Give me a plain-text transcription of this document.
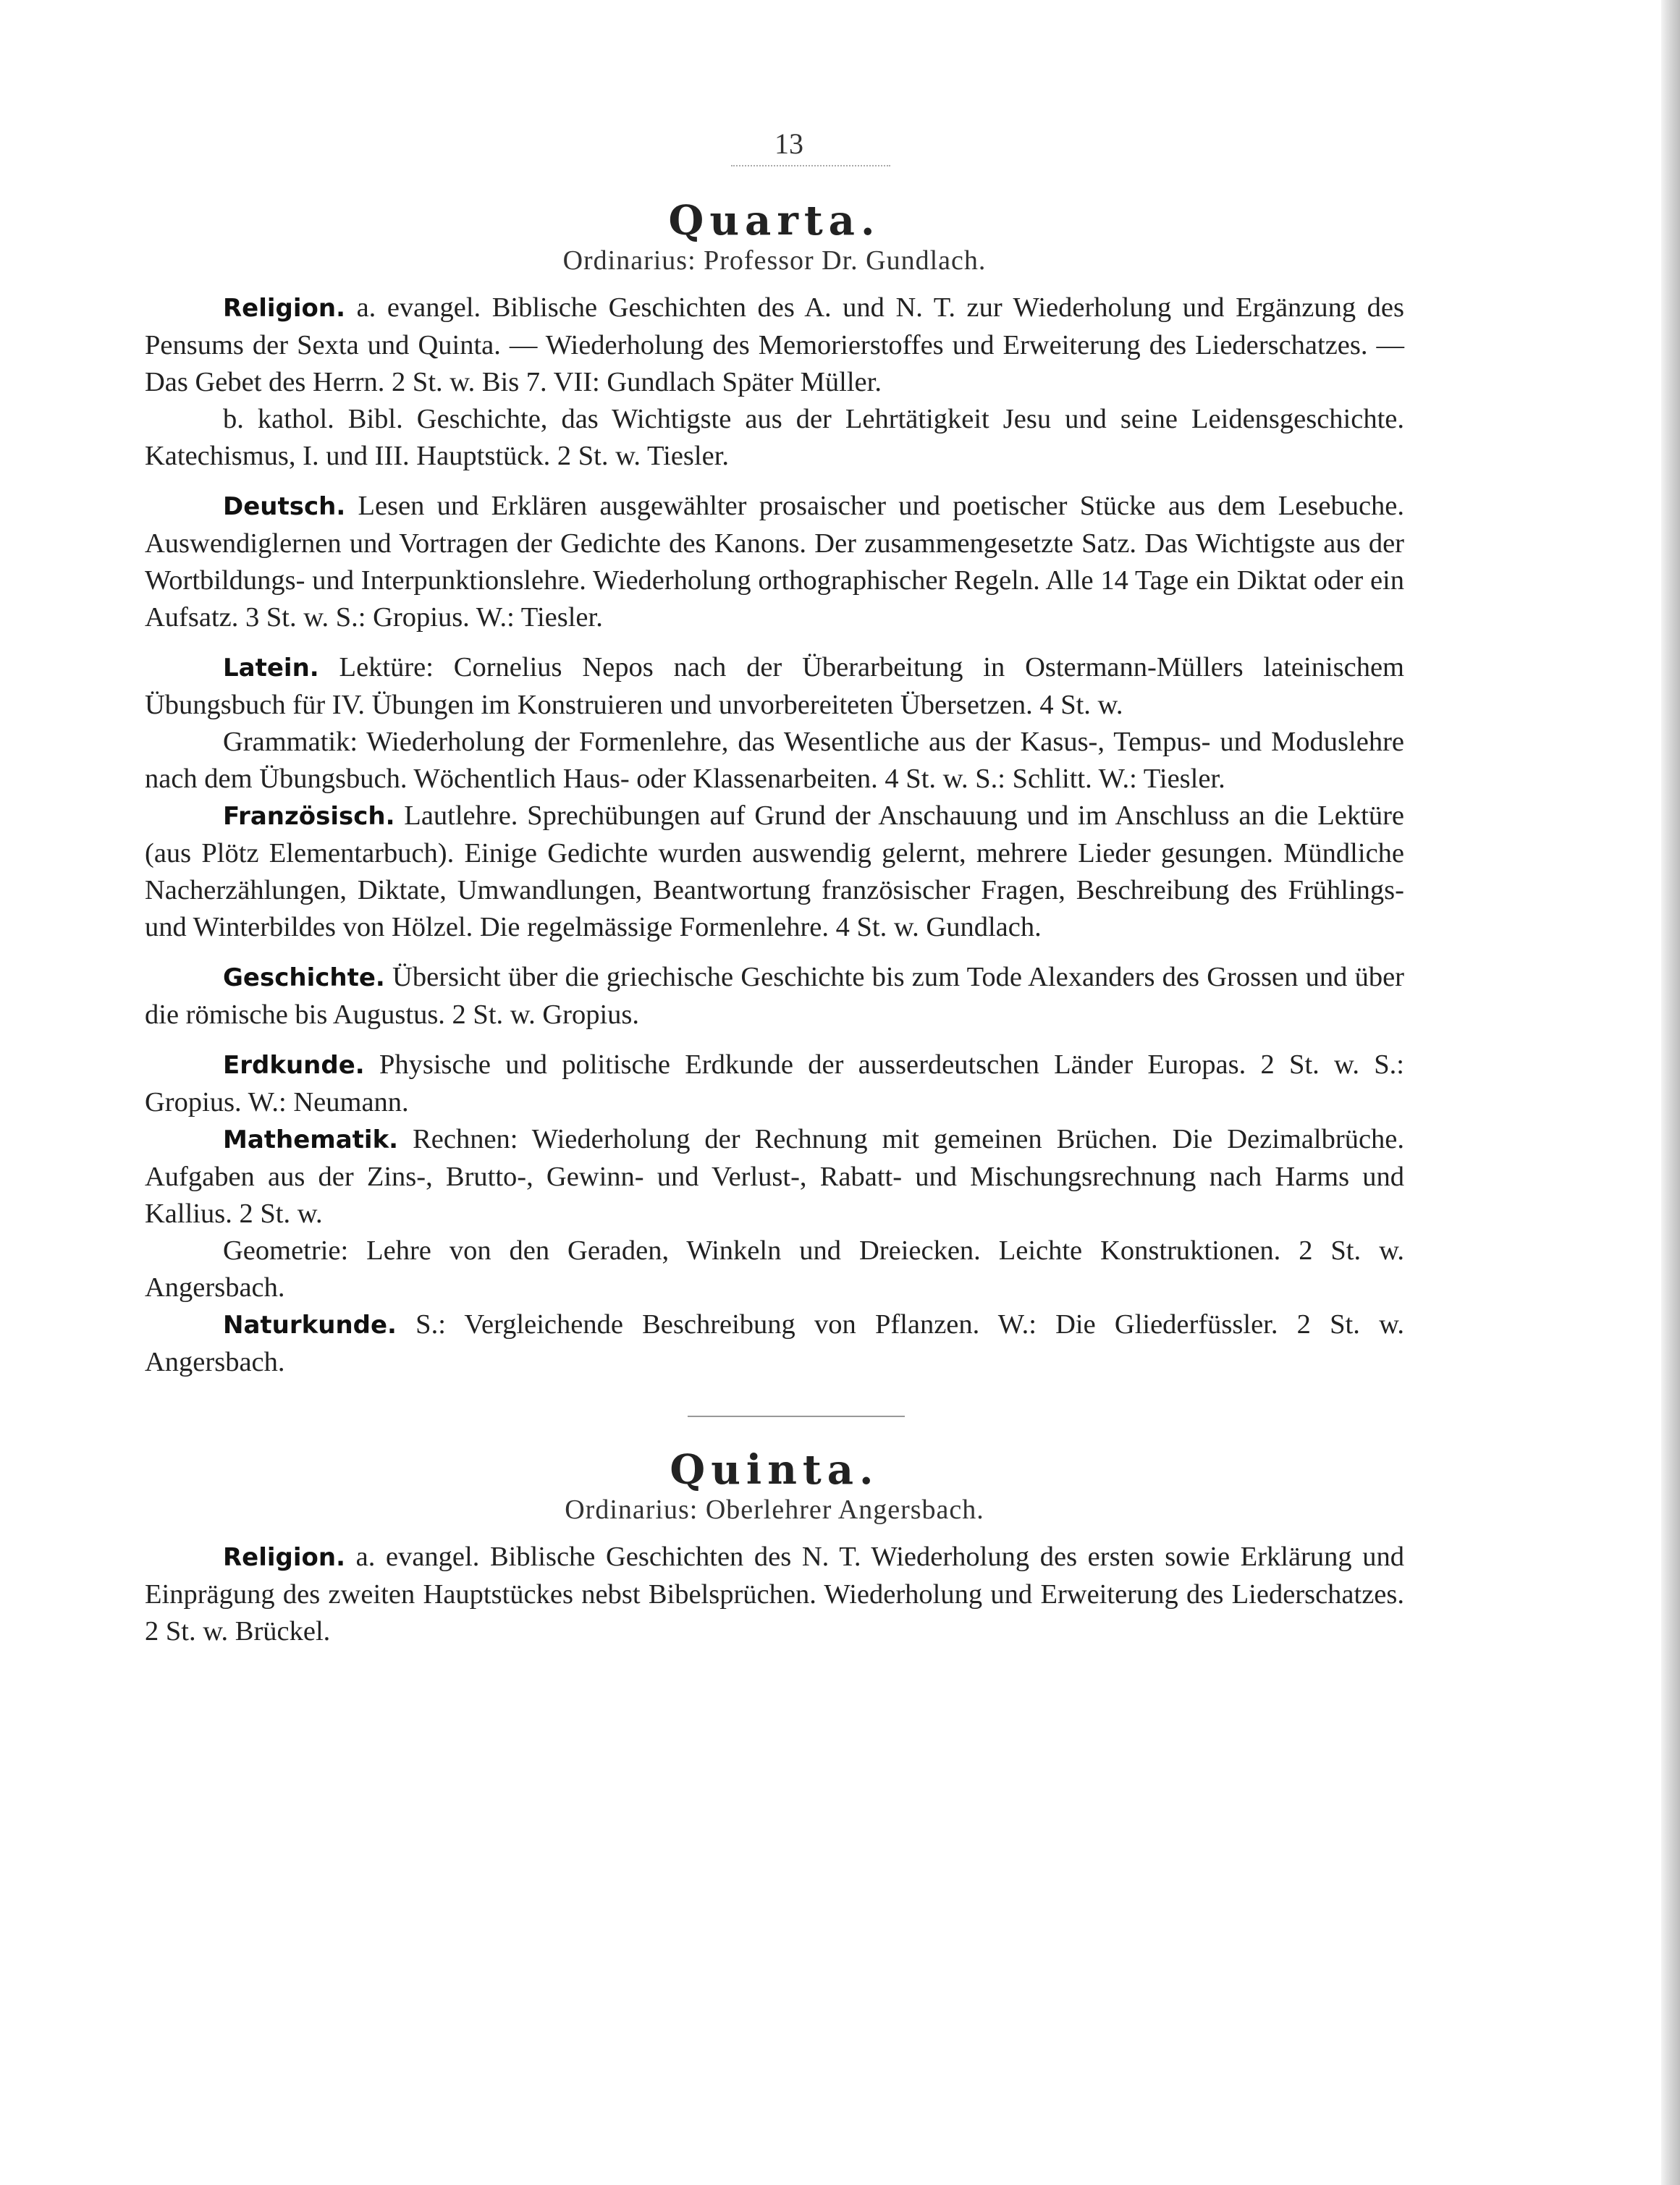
13
Quarta.
Ordinarius: Professor Dr. Gundlach.

Religion. a. evangel. Biblische Geschichten des A. und N. T. zur Wiederholung und Ergänzung des Pensums der Sexta und Quinta. — Wiederholung des Memorierstoffes und Erweiterung des Liederschatzes. — Das Gebet des Herrn. 2 St. w. Bis 7. VII: Gundlach Später Müller.

b. kathol. Bibl. Geschichte, das Wichtigste aus der Lehrtätigkeit Jesu und seine Leidensgeschichte. Katechismus, I. und III. Hauptstück. 2 St. w. Tiesler.

Deutsch. Lesen und Erklären ausgewählter prosaischer und poetischer Stücke aus dem Lesebuche. Auswendiglernen und Vortragen der Gedichte des Kanons. Der zusammengesetzte Satz. Das Wichtigste aus der Wortbildungs- und Interpunktionslehre. Wiederholung orthographischer Regeln. Alle 14 Tage ein Diktat oder ein Aufsatz. 3 St. w. S.: Gropius. W.: Tiesler.

Latein. Lektüre: Cornelius Nepos nach der Überarbeitung in Ostermann-Müllers lateinischem Übungsbuch für IV. Übungen im Konstruieren und unvorbereiteten Übersetzen. 4 St. w.

Grammatik: Wiederholung der Formenlehre, das Wesentliche aus der Kasus-, Tempus- und Moduslehre nach dem Übungsbuch. Wöchentlich Haus- oder Klassenarbeiten. 4 St. w. S.: Schlitt. W.: Tiesler.

Französisch. Lautlehre. Sprechübungen auf Grund der Anschauung und im Anschluss an die Lektüre (aus Plötz Elementarbuch). Einige Gedichte wurden auswendig gelernt, mehrere Lieder gesungen. Mündliche Nacherzählungen, Diktate, Umwandlungen, Beantwortung französischer Fragen, Beschreibung des Frühlings- und Winterbildes von Hölzel. Die regelmässige Formenlehre. 4 St. w. Gundlach.

Geschichte. Übersicht über die griechische Geschichte bis zum Tode Alexanders des Grossen und über die römische bis Augustus. 2 St. w. Gropius.

Erdkunde. Physische und politische Erdkunde der ausserdeutschen Länder Europas. 2 St. w. S.: Gropius. W.: Neumann.

Mathematik. Rechnen: Wiederholung der Rechnung mit gemeinen Brüchen. Die Dezimalbrüche. Aufgaben aus der Zins-, Brutto-, Gewinn- und Verlust-, Rabatt- und Mischungsrechnung nach Harms und Kallius. 2 St. w.

Geometrie: Lehre von den Geraden, Winkeln und Dreiecken. Leichte Konstruktionen. 2 St. w. Angersbach.

Naturkunde. S.: Vergleichende Beschreibung von Pflanzen. W.: Die Gliederfüssler. 2 St. w. Angersbach.

Quinta.
Ordinarius: Oberlehrer Angersbach.

Religion. a. evangel. Biblische Geschichten des N. T. Wiederholung des ersten sowie Erklärung und Einprägung des zweiten Hauptstückes nebst Bibelsprüchen. Wiederholung und Erweiterung des Liederschatzes. 2 St. w. Brückel.
